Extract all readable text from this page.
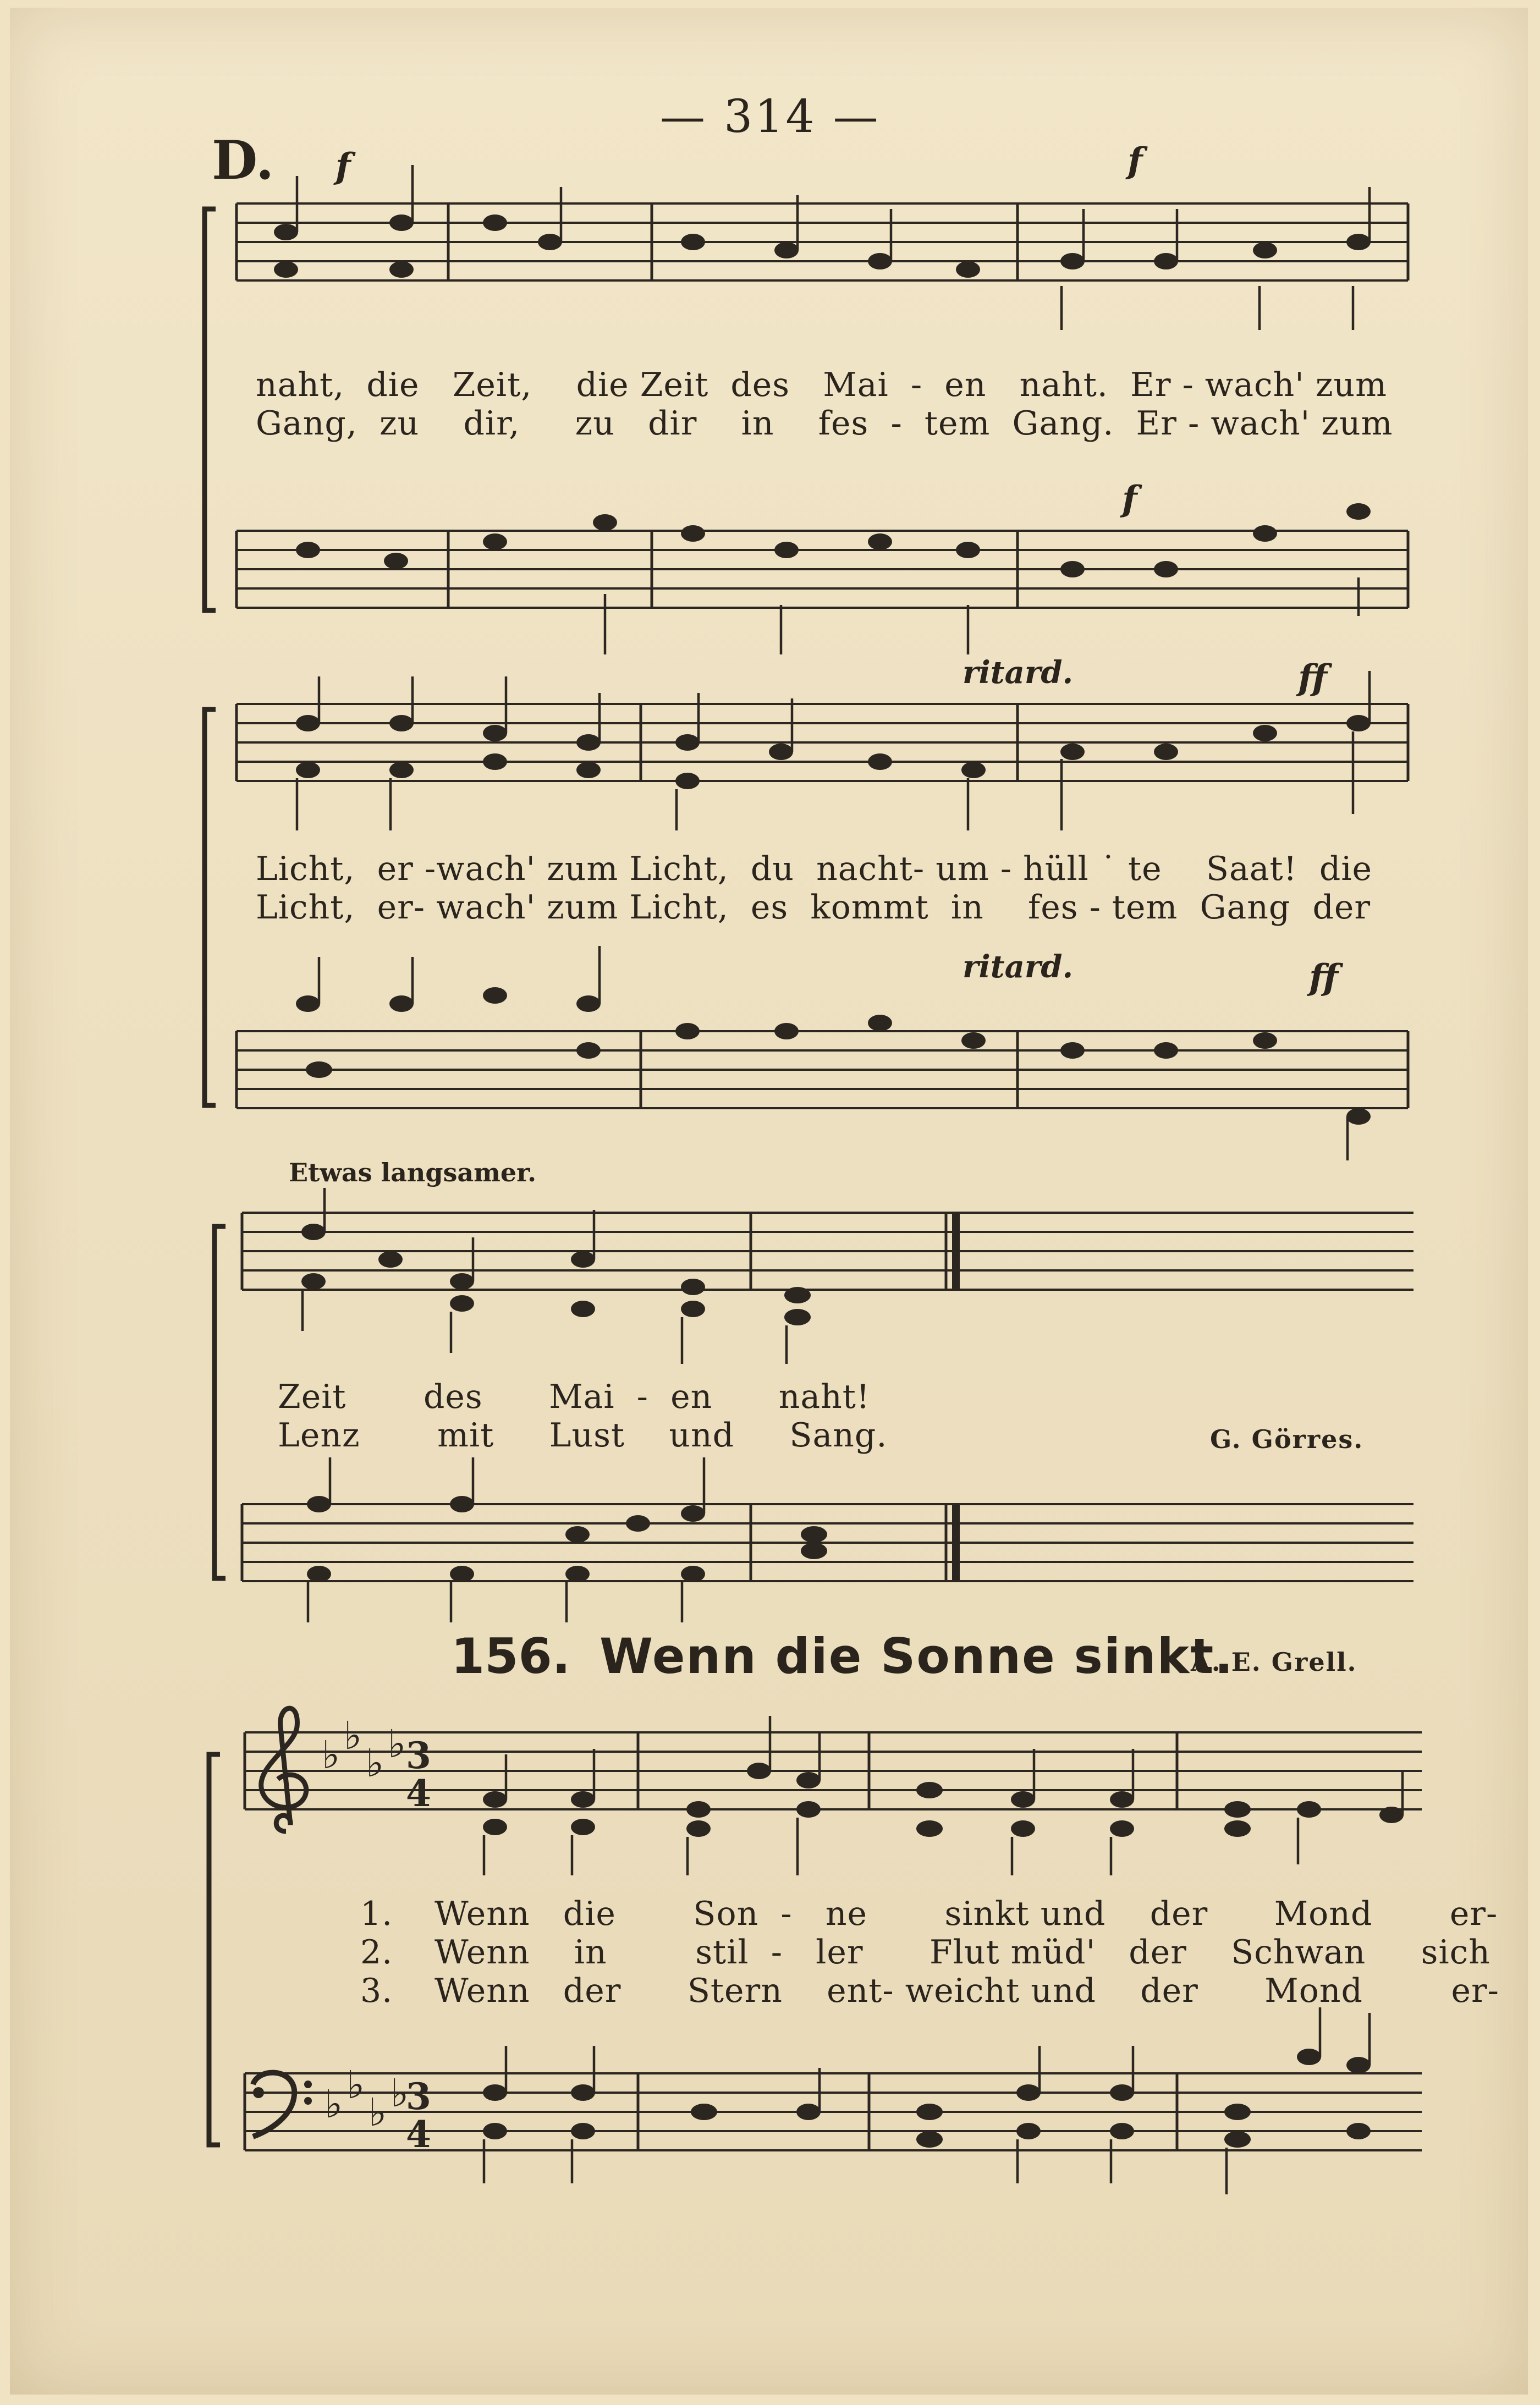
♭ ♭
♭ ♭
♭ ♭
♭ ♭
3
4
3
4
— 314 —
D. f	f
f
naht,  die   Zeit,    die Zeit  des   Mai  -  en   naht.  Er - wach' zum
Gang,  zu    dir,     zu   dir    in    fes  -  tem  Gang.  Er - wach' zum
ritard.	ff
Licht,  er -wach' zum Licht,  du  nacht- um - hüll ˙ te    Saat!  die
Licht,  er- wach' zum Licht,  es  kommt  in    fes - tem  Gang  der
ritard.	ff
Etwas langsamer.
Zeit       des      Mai  -  en      naht!
Lenz       mit     Lust    und     Sang.	G. Görres.
156. Wenn die Sonne sinkt.
A. E. Grell.
1.
2.
3.
Wenn   die       Son  -   ne       sinkt und    der      Mond       er-
Wenn    in        stil  -   ler      Flut müd'   der    Schwan     sich
Wenn   der      Stern    ent- weicht und    der      Mond        er-
